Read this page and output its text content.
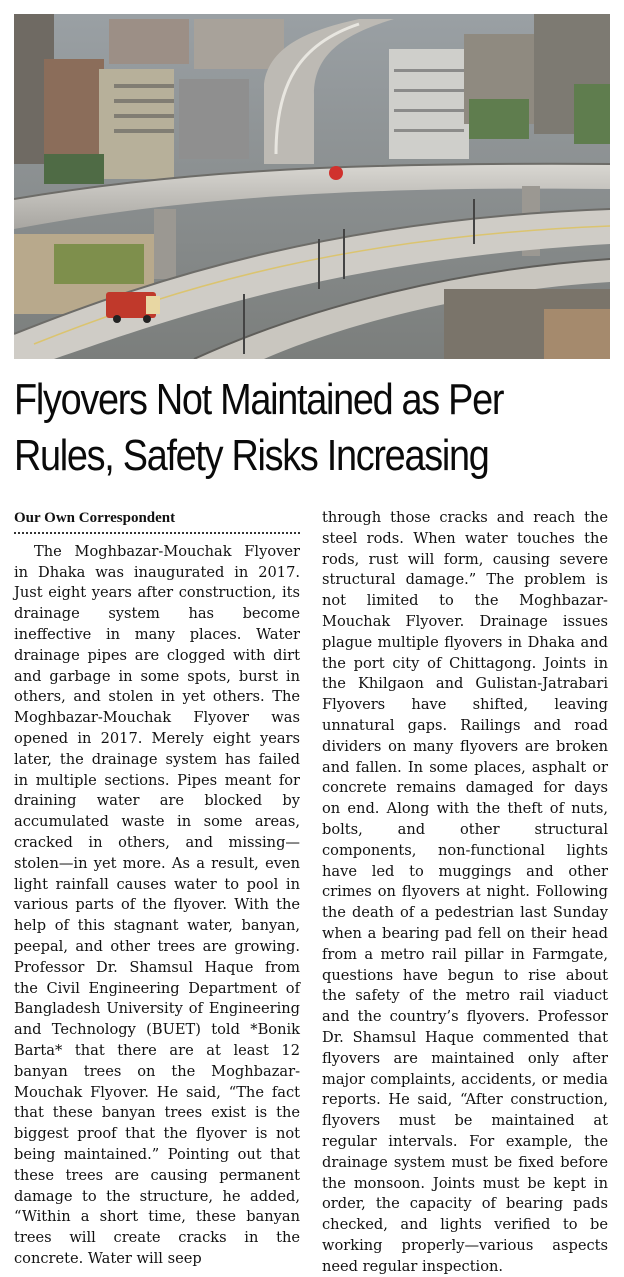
Flyovers Not Maintained as Per Rules, Safety Risks Increasing
Our Own Correspondent

The Moghbazar-Mouchak Flyover in Dhaka was inaugurated in 2017. Just eight years after construction, its drainage system has become ineffective in many places. Water drainage pipes are clogged with dirt and garbage in some spots, burst in others, and stolen in yet others. The Moghbazar-Mouchak Flyover was opened in 2017. Merely eight years later, the drainage system has failed in multiple sections. Pipes meant for draining water are blocked by accumulated waste in some areas, cracked in others, and missing—stolen—in yet more. As a result, even light rainfall causes water to pool in various parts of the flyover. With the help of this stagnant water, banyan, peepal, and other trees are growing. Professor Dr. Shamsul Haque from the Civil Engineering Department of Bangladesh University of Engineering and Technology (BUET) told *Bonik Barta* that there are at least 12 banyan trees on the Moghbazar-Mouchak Flyover. He said, “The fact that these banyan trees exist is the biggest proof that the flyover is not being maintained.” Pointing out that these trees are causing permanent damage to the structure, he added, “Within a short time, these banyan trees will create cracks in the concrete. Water will seep

through those cracks and reach the steel rods. When water touches the rods, rust will form, causing severe structural damage.” The problem is not limited to the Moghbazar-Mouchak Flyover. Drainage issues plague multiple flyovers in Dhaka and the port city of Chittagong. Joints in the Khilgaon and Gulistan-Jatrabari Flyovers have shifted, leaving unnatural gaps. Railings and road dividers on many flyovers are broken and fallen. In some places, asphalt or concrete remains damaged for days on end. Along with the theft of nuts, bolts, and other structural components, non-functional lights have led to muggings and other crimes on flyovers at night. Following the death of a pedestrian last Sunday when a bearing pad fell on their head from a metro rail pillar in Farmgate, questions have begun to rise about the safety of the metro rail viaduct and the country’s flyovers. Professor Dr. Shamsul Haque commented that flyovers are maintained only after major complaints, accidents, or media reports. He said, “After construction, flyovers must be maintained at regular intervals. For example, the drainage system must be fixed before the monsoon. Joints must be kept in order, the capacity of bearing pads checked, and lights verified to be working properly—various aspects need regular inspection.
